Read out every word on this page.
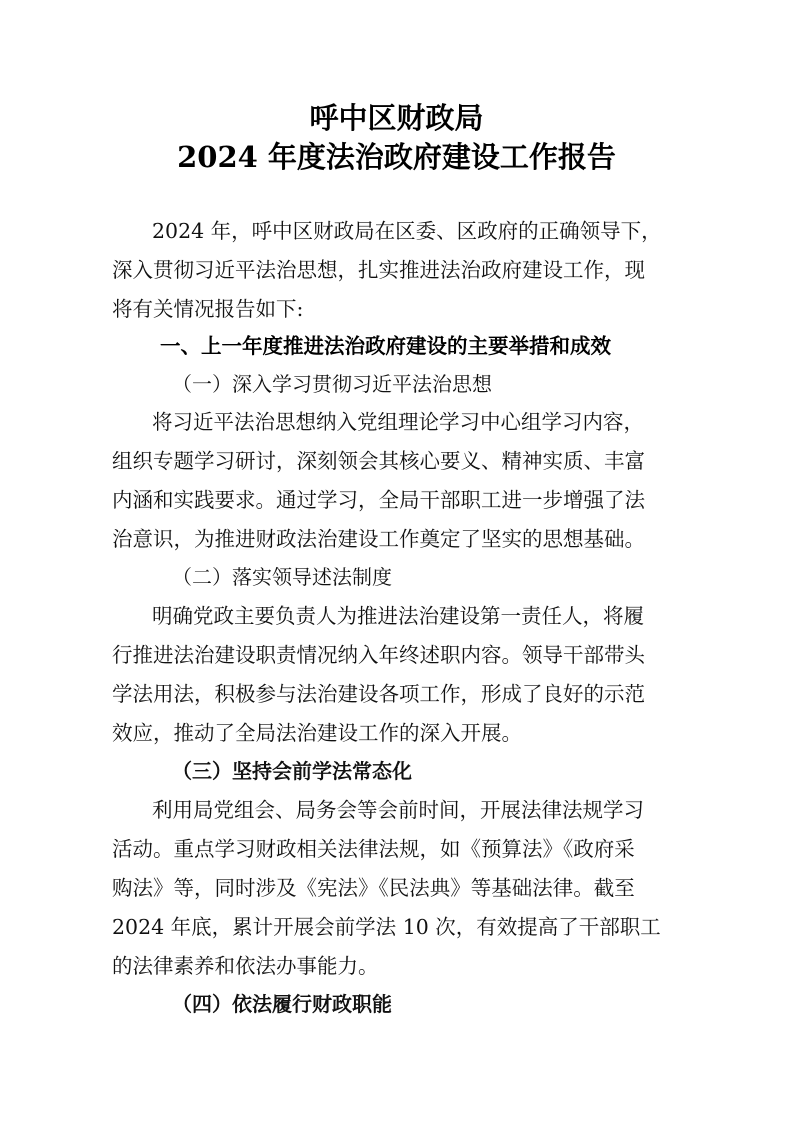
呼中区财政局
2024 年度法治政府建设工作报告
2024 年，呼中区财政局在区委、区政府的正确领导下，
深入贯彻习近平法治思想，扎实推进法治政府建设工作，现
将有关情况报告如下:
一、上一年度推进法治政府建设的主要举措和成效
（一）深入学习贯彻习近平法治思想
将习近平法治思想纳入党组理论学习中心组学习内容，
组织专题学习研讨，深刻领会其核心要义、精神实质、丰富
内涵和实践要求。通过学习，全局干部职工进一步增强了法
治意识，为推进财政法治建设工作奠定了坚实的思想基础。
（二）落实领导述法制度
明确党政主要负责人为推进法治建设第一责任人，将履
行推进法治建设职责情况纳入年终述职内容。领导干部带头
学法用法，积极参与法治建设各项工作，形成了良好的示范
效应，推动了全局法治建设工作的深入开展。
（三）坚持会前学法常态化
利用局党组会、局务会等会前时间，开展法律法规学习
活动。重点学习财政相关法律法规，如《预算法》《政府采
购法》等，同时涉及《宪法》《民法典》等基础法律。截至
2024 年底，累计开展会前学法 10 次，有效提高了干部职工
的法律素养和依法办事能力。
（四）依法履行财政职能
